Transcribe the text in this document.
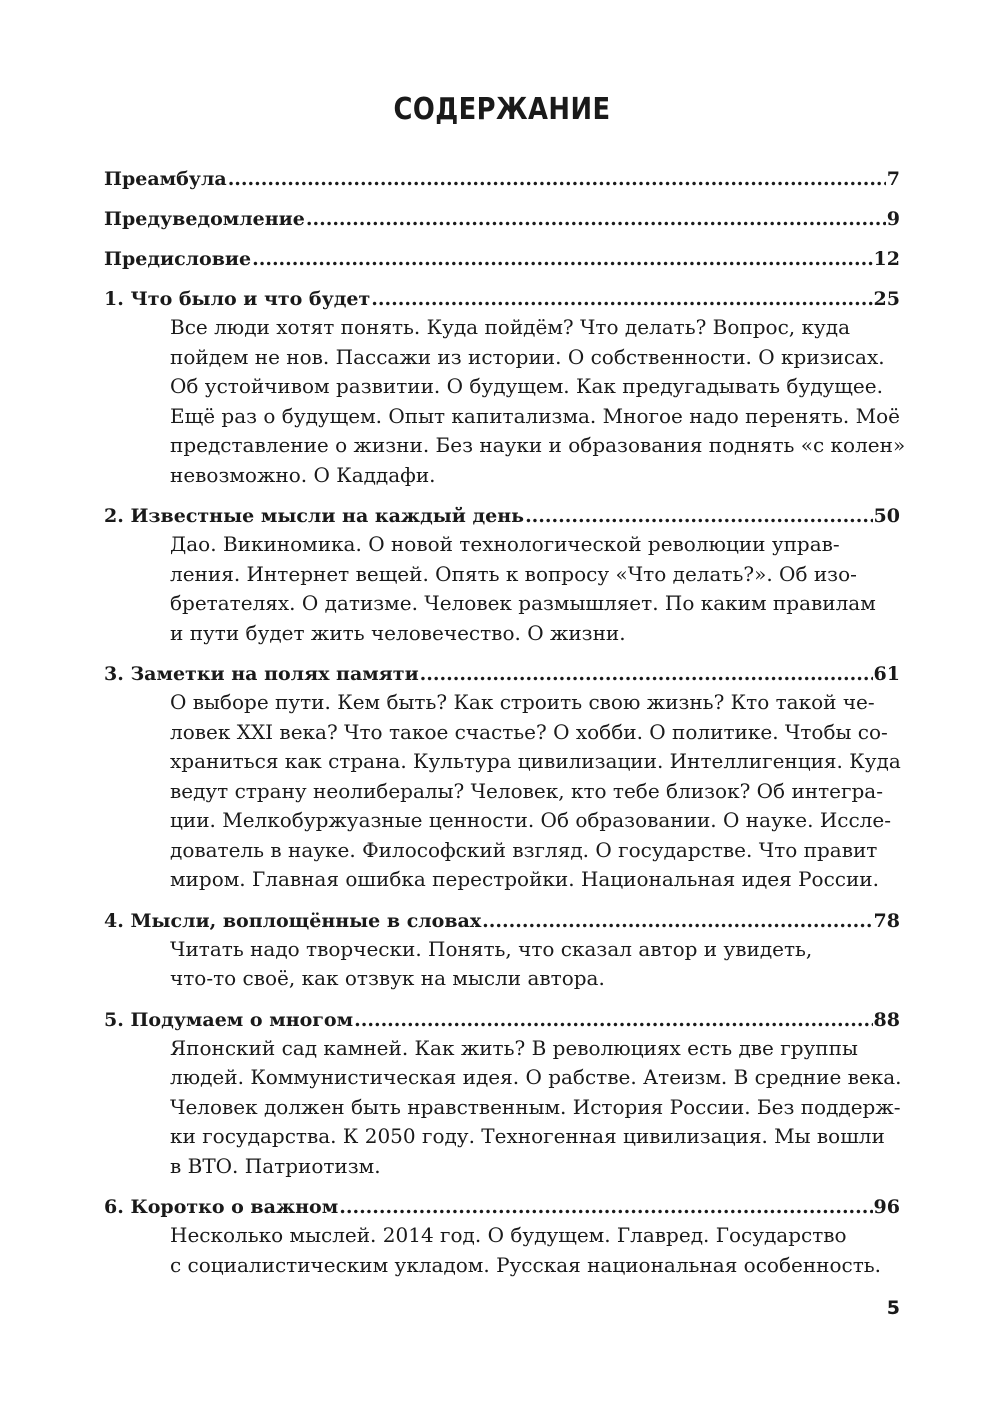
СОДЕРЖАНИЕ
Преамбула .....	7
Предуведомление .....	9
Предисловие .....	12
1. Что было и что будет .....	25
Все люди хотят понять. Куда пойдём? Что делать? Вопрос, куда
пойдем не нов. Пассажи из истории. О собственности. О кризисах.
Об устойчивом развитии. О будущем. Как предугадывать будущее.
Ещё раз о будущем. Опыт капитализма. Многое надо перенять. Моё
представление о жизни. Без науки и образования поднять «с колен»
невозможно. О Каддафи.
2. Известные мысли на каждый день .....	50
Дао. Викиномика. О новой технологической революции управ-
ления. Интернет вещей. Опять к вопросу «Что делать?». Об изо-
бретателях. О датизме. Человек размышляет. По каким правилам
и пути будет жить человечество. О жизни.
3. Заметки на полях памяти .....	61
О выборе пути. Кем быть? Как строить свою жизнь? Кто такой че-
ловек XXI века? Что такое счастье? О хобби. О политике. Чтобы со-
храниться как страна. Культура цивилизации. Интеллигенция. Куда
ведут страну неолибералы? Человек, кто тебе близок? Об интегра-
ции. Мелкобуржуазные ценности. Об образовании. О науке. Иссле-
дователь в науке. Философский взгляд. О государстве. Что правит
миром. Главная ошибка перестройки. Национальная идея России.
4. Мысли, воплощённые в словах .....	78
Читать надо творчески. Понять, что сказал автор и увидеть,
что-то своё, как отзвук на мысли автора.
5. Подумаем о многом .....	88
Японский сад камней. Как жить? В революциях есть две группы
людей. Коммунистическая идея. О рабстве. Атеизм. В средние века.
Человек должен быть нравственным. История России. Без поддерж-
ки государства. К 2050 году. Техногенная цивилизация. Мы вошли
в ВТО. Патриотизм.
6. Коротко о важном .....	96
Несколько мыслей. 2014 год. О будущем. Главред. Государство
с социалистическим укладом. Русская национальная особенность.
5
